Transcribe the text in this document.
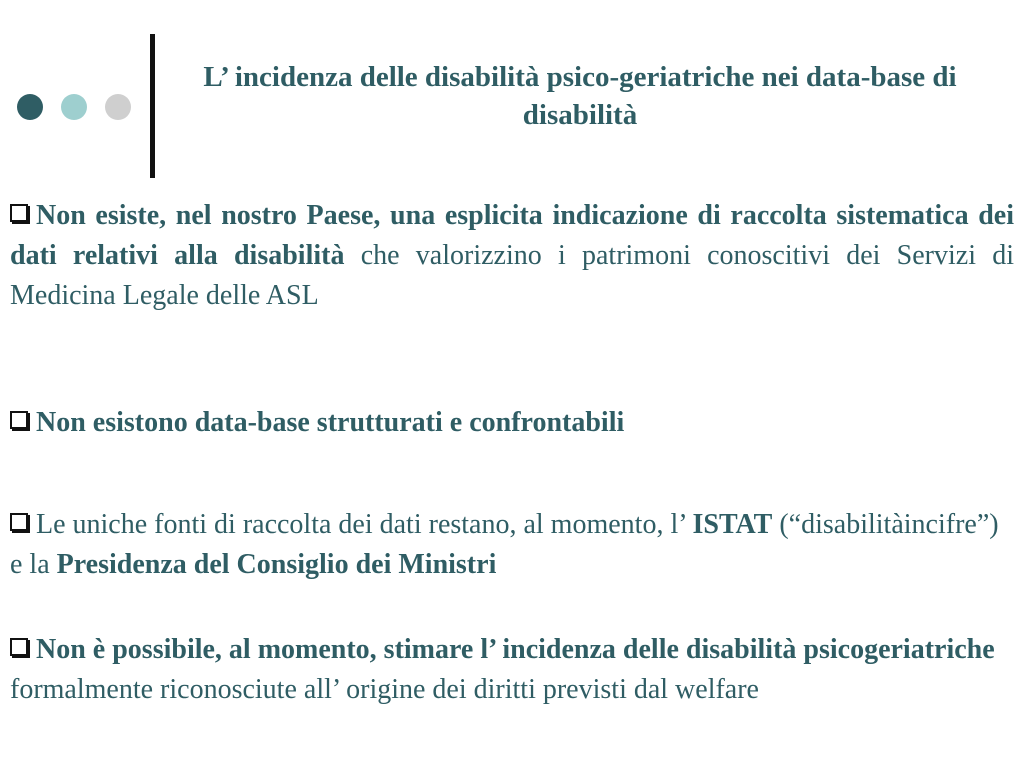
L’ incidenza delle disabilità psico-geriatriche nei data-base di disabilità
Non esiste, nel nostro Paese, una esplicita indicazione di raccolta sistematica dei dati relativi alla disabilità che valorizzino i patrimoni conoscitivi dei Servizi di Medicina Legale delle ASL
Non esistono data-base strutturati e confrontabili
Le uniche fonti di raccolta dei dati restano, al momento, l’ ISTAT (“disabilitàincifre”) e la Presidenza del Consiglio dei Ministri
Non è possibile, al momento, stimare l’ incidenza delle disabilità psicogeriatriche formalmente riconosciute all’ origine dei diritti previsti dal welfare
